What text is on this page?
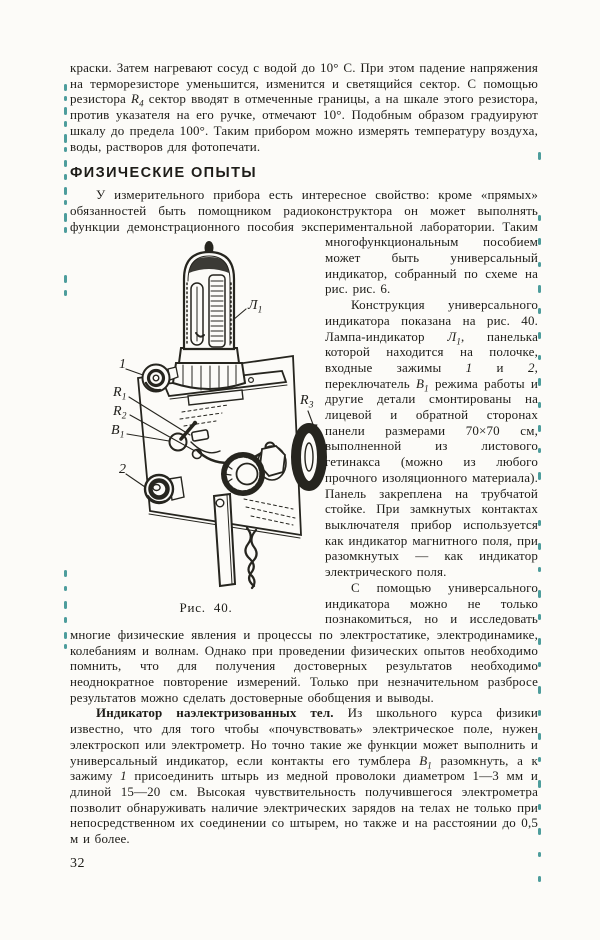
краски. Затем нагревают сосуд с водой до 10° С. При этом падение напряжения на терморезисторе уменьшится, изменится и светящийся сектор. С помощью резистора $R_4$ сектор вводят в отмеченные границы, а на шкале этого резистора, против указателя на его ручке, отмечают 10°. Подобным образом градуируют шкалу до предела 100°. Таким прибором можно измерять температуру воздуха, воды, растворов для фотопечати.

ФИЗИЧЕСКИЕ ОПЫТЫ

У измерительного прибора есть интересное свойство: кроме «прямых» обязанностей быть помощником радиоконструктора он может выполнять функции демонстрационного пособия экспериментальной лаборатории.
$Л_1$
1
$R_1$
$R_2$
$В_1$
2
$R_3$
Рис. 40.
Таким многофункциональным пособием может быть универсальный индикатор, собранный по схеме на рис. рис. 6.

Конструкция универсального индикатора показана на рис. 40. Лампа-индикатор $Л_1$, панелька которой находится на полочке, входные зажимы 1 и 2, переключатель $В_1$ режима работы и другие детали смонтированы на лицевой и обратной сторонах панели размерами 70×70 см, выполненной из листового гетинакса (можно из любого прочного изоляционного материала). Панель закреплена на трубчатой стойке. При замкнутых контактах выключателя прибор используется как индикатор магнитного поля, при разомкнутых — как индикатор электрического поля.

С помощью универсального индикатора можно не только познакомиться, но и исследовать многие физические явления и процессы по электростатике, электродинамике, колебаниям и волнам. Однако при проведении физических опытов необходимо помнить, что для получения достоверных результатов необходимо неоднократное повторение измерений. Только при незначительном разбросе результатов можно сделать достоверные обобщения и выводы.

Индикатор наэлектризованных тел. Из школьного курса физики известно, что для того чтобы «почувствовать» электрическое поле, нужен электроскоп или электрометр. Но точно такие же функции может выполнить и универсальный индикатор, если контакты его тумблера $В_1$ разомкнуть, а к зажиму 1 присоединить штырь из медной проволоки диаметром 1—3 мм и длиной 15—20 см. Высокая чувствительность получившегося электрометра позволит обнаруживать наличие электрических зарядов на телах не только при непосредственном их соединении со штырем, но также и на расстоянии до 0,5 м и более.

32
